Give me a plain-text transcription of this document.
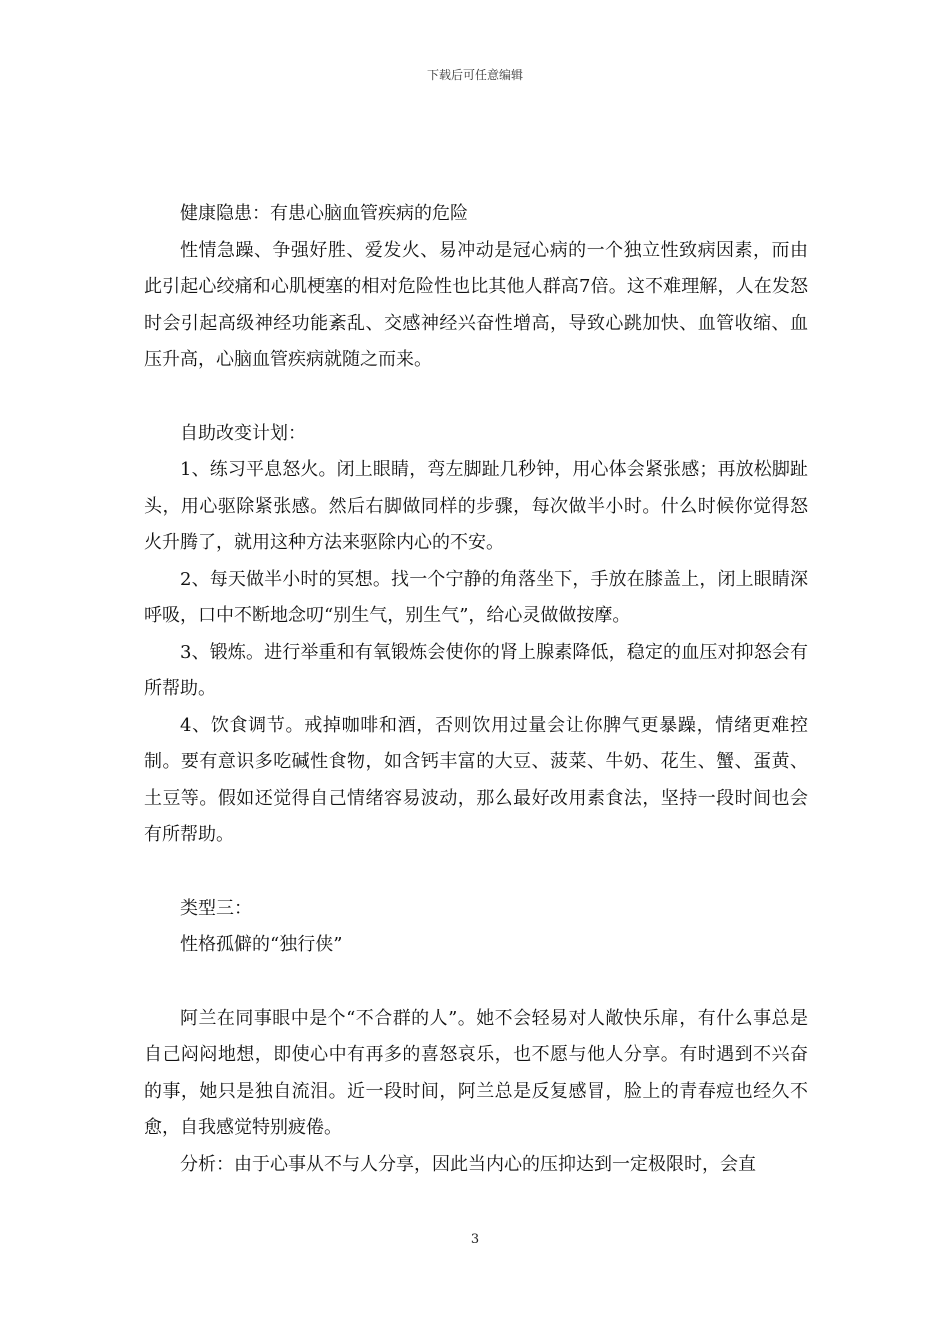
下载后可任意编辑

健康隐患：有患心脑血管疾病的危险

性情急躁、争强好胜、爱发火、易冲动是冠心病的一个独立性致病因素，而由此引起心绞痛和心肌梗塞的相对危险性也比其他人群高7倍。这不难理解，人在发怒时会引起高级神经功能紊乱、交感神经兴奋性增高，导致心跳加快、血管收缩、血压升高，心脑血管疾病就随之而来。

自助改变计划：

1、练习平息怒火。闭上眼睛，弯左脚趾几秒钟，用心体会紧张感；再放松脚趾头，用心驱除紧张感。然后右脚做同样的步骤，每次做半小时。什么时候你觉得怒火升腾了，就用这种方法来驱除内心的不安。

2、每天做半小时的冥想。找一个宁静的角落坐下，手放在膝盖上，闭上眼睛深呼吸，口中不断地念叨“别生气，别生气”，给心灵做做按摩。

3、锻炼。进行举重和有氧锻炼会使你的肾上腺素降低，稳定的血压对抑怒会有所帮助。

4、饮食调节。戒掉咖啡和酒，否则饮用过量会让你脾气更暴躁，情绪更难控制。要有意识多吃碱性食物，如含钙丰富的大豆、菠菜、牛奶、花生、蟹、蛋黄、土豆等。假如还觉得自己情绪容易波动，那么最好改用素食法，坚持一段时间也会有所帮助。

类型三：

性格孤僻的“独行侠”

阿兰在同事眼中是个“不合群的人”。她不会轻易对人敞快乐扉，有什么事总是自己闷闷地想，即使心中有再多的喜怒哀乐，也不愿与他人分享。有时遇到不兴奋的事，她只是独自流泪。近一段时间，阿兰总是反复感冒，脸上的青春痘也经久不愈，自我感觉特别疲倦。

分析：由于心事从不与人分享，因此当内心的压抑达到一定极限时，会直

3
